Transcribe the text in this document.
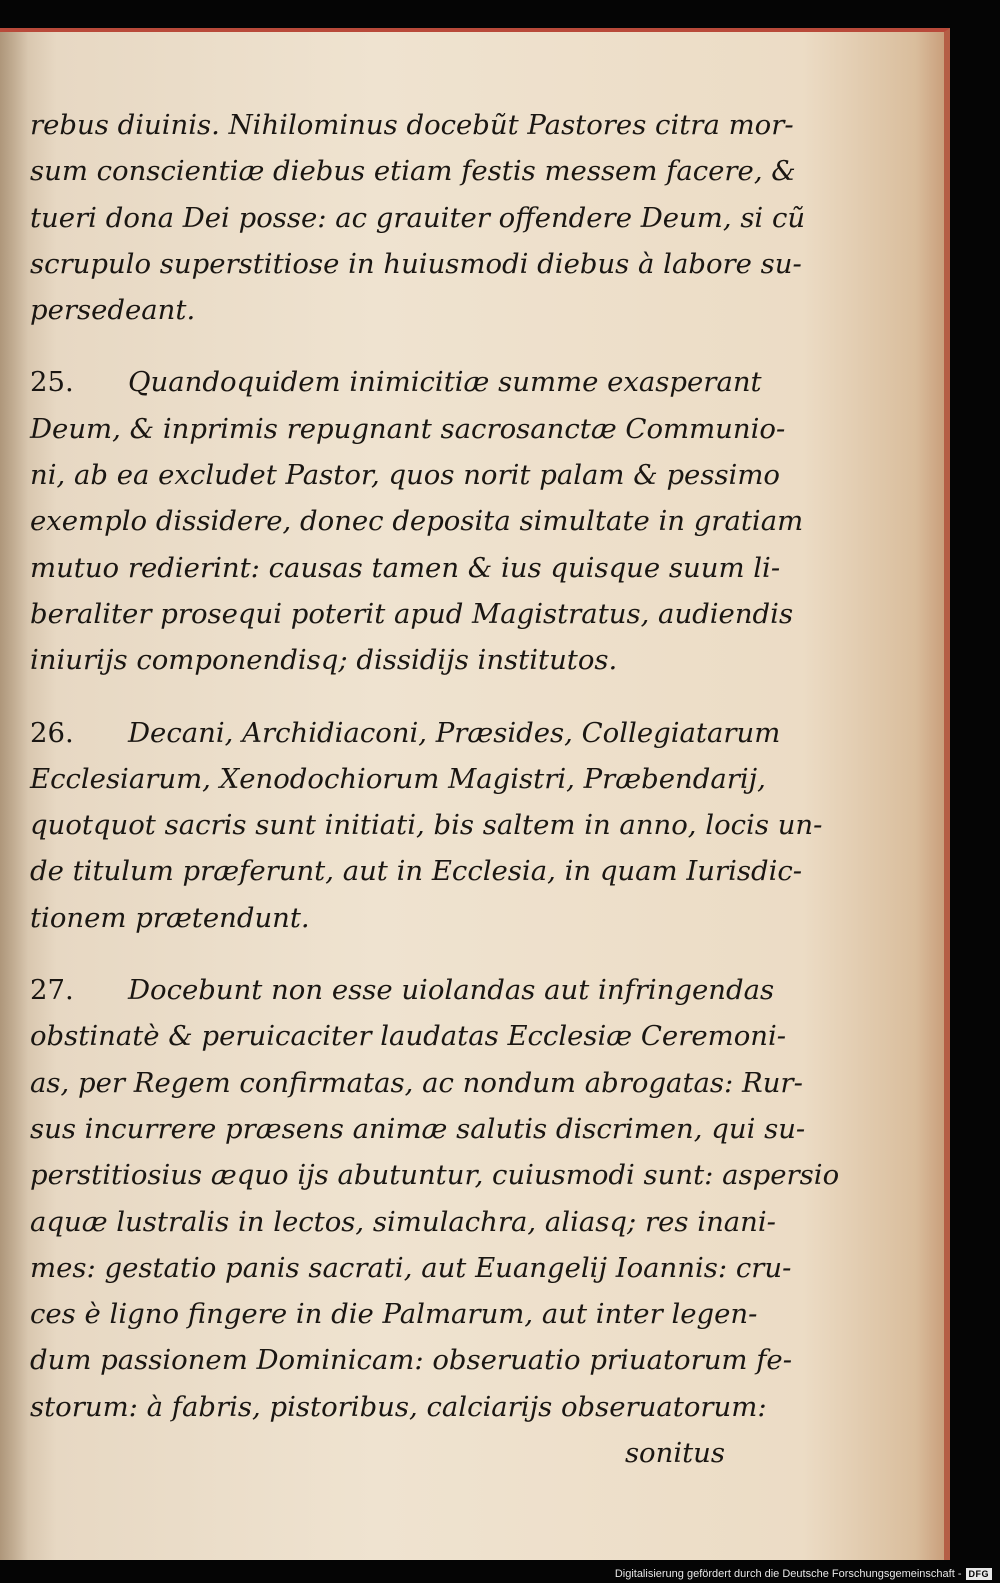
rebus diuinis. Nihilominus docebũt Pastores citra mor-
sum conscientiæ diebus etiam festis messem facere, &
tueri dona Dei posse: ac grauiter offendere Deum, si cũ
scrupulo superstitiose in huiusmodi diebus à labore su-
persedeant.
25. Quandoquidem inimicitiæ summe exasperant
Deum, & inprimis repugnant sacrosanctæ Communio-
ni, ab ea excludet Pastor, quos norit palam & pessimo
exemplo dissidere, donec deposita simultate in gratiam
mutuo redierint: causas tamen & ius quisque suum li-
beraliter prosequi poterit apud Magistratus, audiendis
iniurijs componendisq; dissidijs institutos.
26. Decani, Archidiaconi, Præsides, Collegiatarum
Ecclesiarum, Xenodochiorum Magistri, Præbendarij,
quotquot sacris sunt initiati, bis saltem in anno, locis un-
de titulum præferunt, aut in Ecclesia, in quam Iurisdic-
tionem prætendunt.
27. Docebunt non esse uiolandas aut infringendas
obstinatè & peruicaciter laudatas Ecclesiæ Ceremoni-
as, per Regem confirmatas, ac nondum abrogatas: Rur-
sus incurrere præsens animæ salutis discrimen, qui su-
perstitiosius æquo ijs abutuntur, cuiusmodi sunt: aspersio
aquæ lustralis in lectos, simulachra, aliasq; res inani-
mes: gestatio panis sacrati, aut Euangelij Ioannis: cru-
ces è ligno fingere in die Palmarum, aut inter legen-
dum passionem Dominicam: obseruatio priuatorum fe-
storum: à fabris, pistoribus, calciarijs obseruatorum:
sonitus
Digitalisierung gefördert durch die Deutsche Forschungsgemeinschaft - DFG
